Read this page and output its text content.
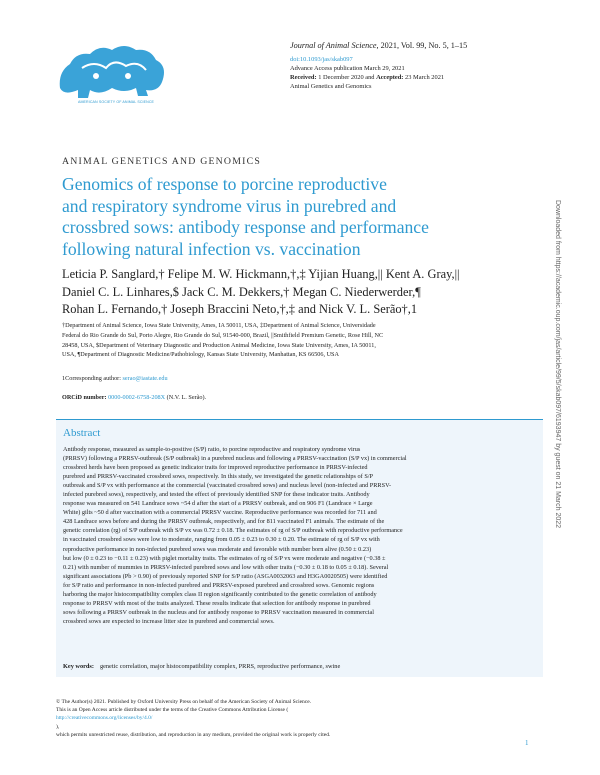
AMERICAN SOCIETY OF ANIMAL SCIENCE
Journal of Animal Science, 2021, Vol. 99, No. 5, 1–15
doi:10.1093/jas/skab097
Advance Access publication March 29, 2021
Received: 1 December 2020 and Accepted: 23 March 2021
Animal Genetics and Genomics
ANIMAL GENETICS AND GENOMICS
Genomics of response to porcine reproductive
and respiratory syndrome virus in purebred and
crossbred sows: antibody response and performance
following natural infection vs. vaccination
Leticia P. Sanglard,† Felipe M. W. Hickmann,†,‡ Yijian Huang,|| Kent A. Gray,||
Daniel C. L. Linhares,$ Jack C. M. Dekkers,† Megan C. Niederwerder,¶
Rohan L. Fernando,† Joseph Braccini Neto,†,‡ and Nick V. L. Serão†,1
†Department of Animal Science, Iowa State University, Ames, IA 50011, USA, ‡Department of Animal Science, Universidade
Federal do Rio Grande do Sul, Porto Alegre, Rio Grande do Sul, 91540-000, Brazil, ||Smithfield Premium Genetic, Rose Hill, NC
28458, USA, $Department of Veterinary Diagnostic and Production Animal Medicine, Iowa State University, Ames, IA 50011,
USA, ¶Department of Diagnostic Medicine/Pathobiology, Kansas State University, Manhattan, KS 66506, USA
1Corresponding author: serao@iastate.edu
ORCiD number: 0000-0002-6758-208X (N.V. L. Serão).
Abstract
Antibody response, measured as sample-to-positive (S/P) ratio, to porcine reproductive and respiratory syndrome virus
(PRRSV) following a PRRSV-outbreak (S/P outbreak) in a purebred nucleus and following a PRRSV-vaccination (S/P vx) in commercial
crossbred herds have been proposed as genetic indicator traits for improved reproductive performance in PRRSV-infected
purebred and PRRSV-vaccinated crossbred sows, respectively. In this study, we investigated the genetic relationships of S/P
outbreak and S/P vx with performance at the commercial (vaccinated crossbred sows) and nucleus level (non-infected and PRRSV-
infected purebred sows), respectively, and tested the effect of previously identified SNP for these indicator traits. Antibody
response was measured on 541 Landrace sows ~54 d after the start of a PRRSV outbreak, and on 906 F1 (Landrace × Large
White) gilts ~50 d after vaccination with a commercial PRRSV vaccine. Reproductive performance was recorded for 711 and
428 Landrace sows before and during the PRRSV outbreak, respectively, and for 811 vaccinated F1 animals. The estimate of the
genetic correlation (rg) of S/P outbreak with S/P vx was 0.72 ± 0.18. The estimates of rg of S/P outbreak with reproductive performance
in vaccinated crossbred sows were low to moderate, ranging from 0.05 ± 0.23 to 0.30 ± 0.20. The estimate of rg of S/P vx with
reproductive performance in non-infected purebred sows was moderate and favorable with number born alive (0.50 ± 0.23)
but low (0 ± 0.23 to −0.11 ± 0.23) with piglet mortality traits. The estimates of rg of S/P vx were moderate and negative (−0.38 ±
0.21) with number of mummies in PRRSV-infected purebred sows and low with other traits (−0.30 ± 0.18 to 0.05 ± 0.18). Several
significant associations (Pb > 0.90) of previously reported SNP for S/P ratio (ASGA0032063 and H3GA0020505) were identified
for S/P ratio and performance in non-infected purebred and PRRSV-exposed purebred and crossbred sows. Genomic regions
harboring the major histocompatibility complex class II region significantly contributed to the genetic correlation of antibody
response to PRRSV with most of the traits analyzed. These results indicate that selection for antibody response in purebred
sows following a PRRSV outbreak in the nucleus and for antibody response to PRRSV vaccination measured in commercial
crossbred sows are expected to increase litter size in purebred and commercial sows.
Key words: genetic correlation, major histocompatibility complex, PRRS, reproductive performance, swine
© The Author(s) 2021. Published by Oxford University Press on behalf of the American Society of Animal Science.
This is an Open Access article distributed under the terms of the Creative Commons Attribution License (
http://creativecommons.org/licenses/by/4.0/
),
which permits unrestricted reuse, distribution, and reproduction in any medium, provided the original work is properly cited.
1
Downloaded from https://academic.oup.com/jas/article/99/5/skab097/6193947 by guest on 21 March 2022
